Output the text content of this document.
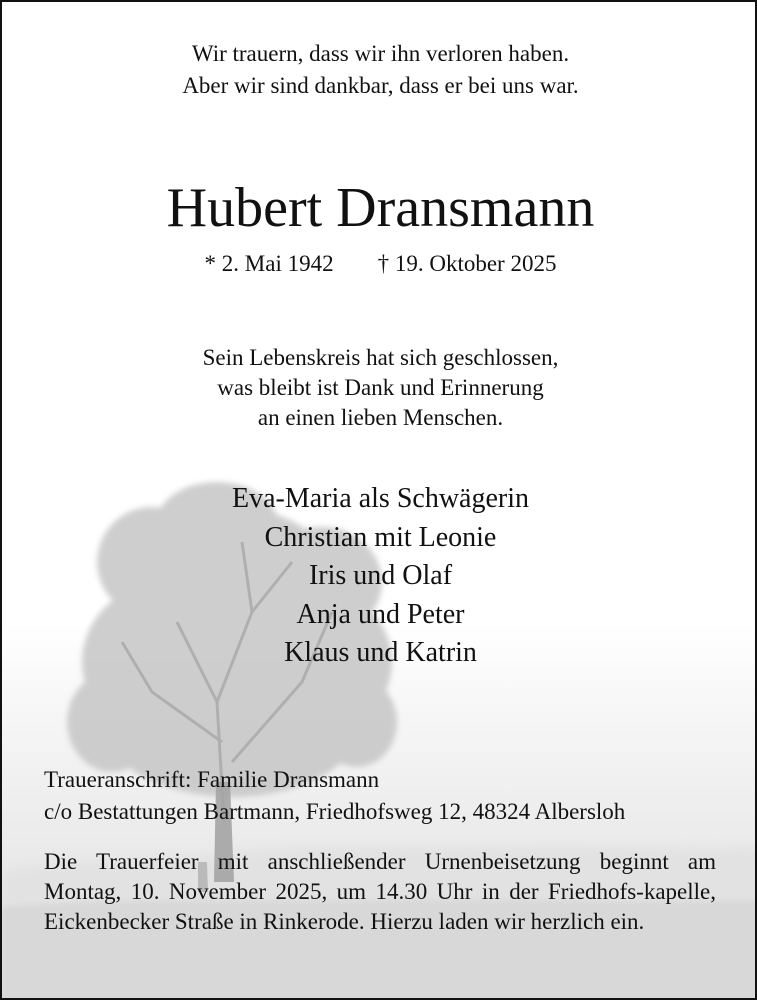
Wir trauern, dass wir ihn verloren haben.
Aber wir sind dankbar, dass er bei uns war.
Hubert Dransmann
* 2. Mai 1942 † 19. Oktober 2025
Sein Lebenskreis hat sich geschlossen,
was bleibt ist Dank und Erinnerung
an einen lieben Menschen.
Eva-Maria als Schwägerin
Christian mit Leonie
Iris und Olaf
Anja und Peter
Klaus und Katrin
Traueranschrift: Familie Dransmann
c/o Bestattungen Bartmann, Friedhofsweg 12, 48324 Albersloh
Die Trauerfeier mit anschließender Urnenbeisetzung beginnt am Montag, 10. November 2025, um 14.30 Uhr in der Friedhofs-kapelle, Eickenbecker Straße in Rinkerode. Hierzu laden wir herzlich ein.
